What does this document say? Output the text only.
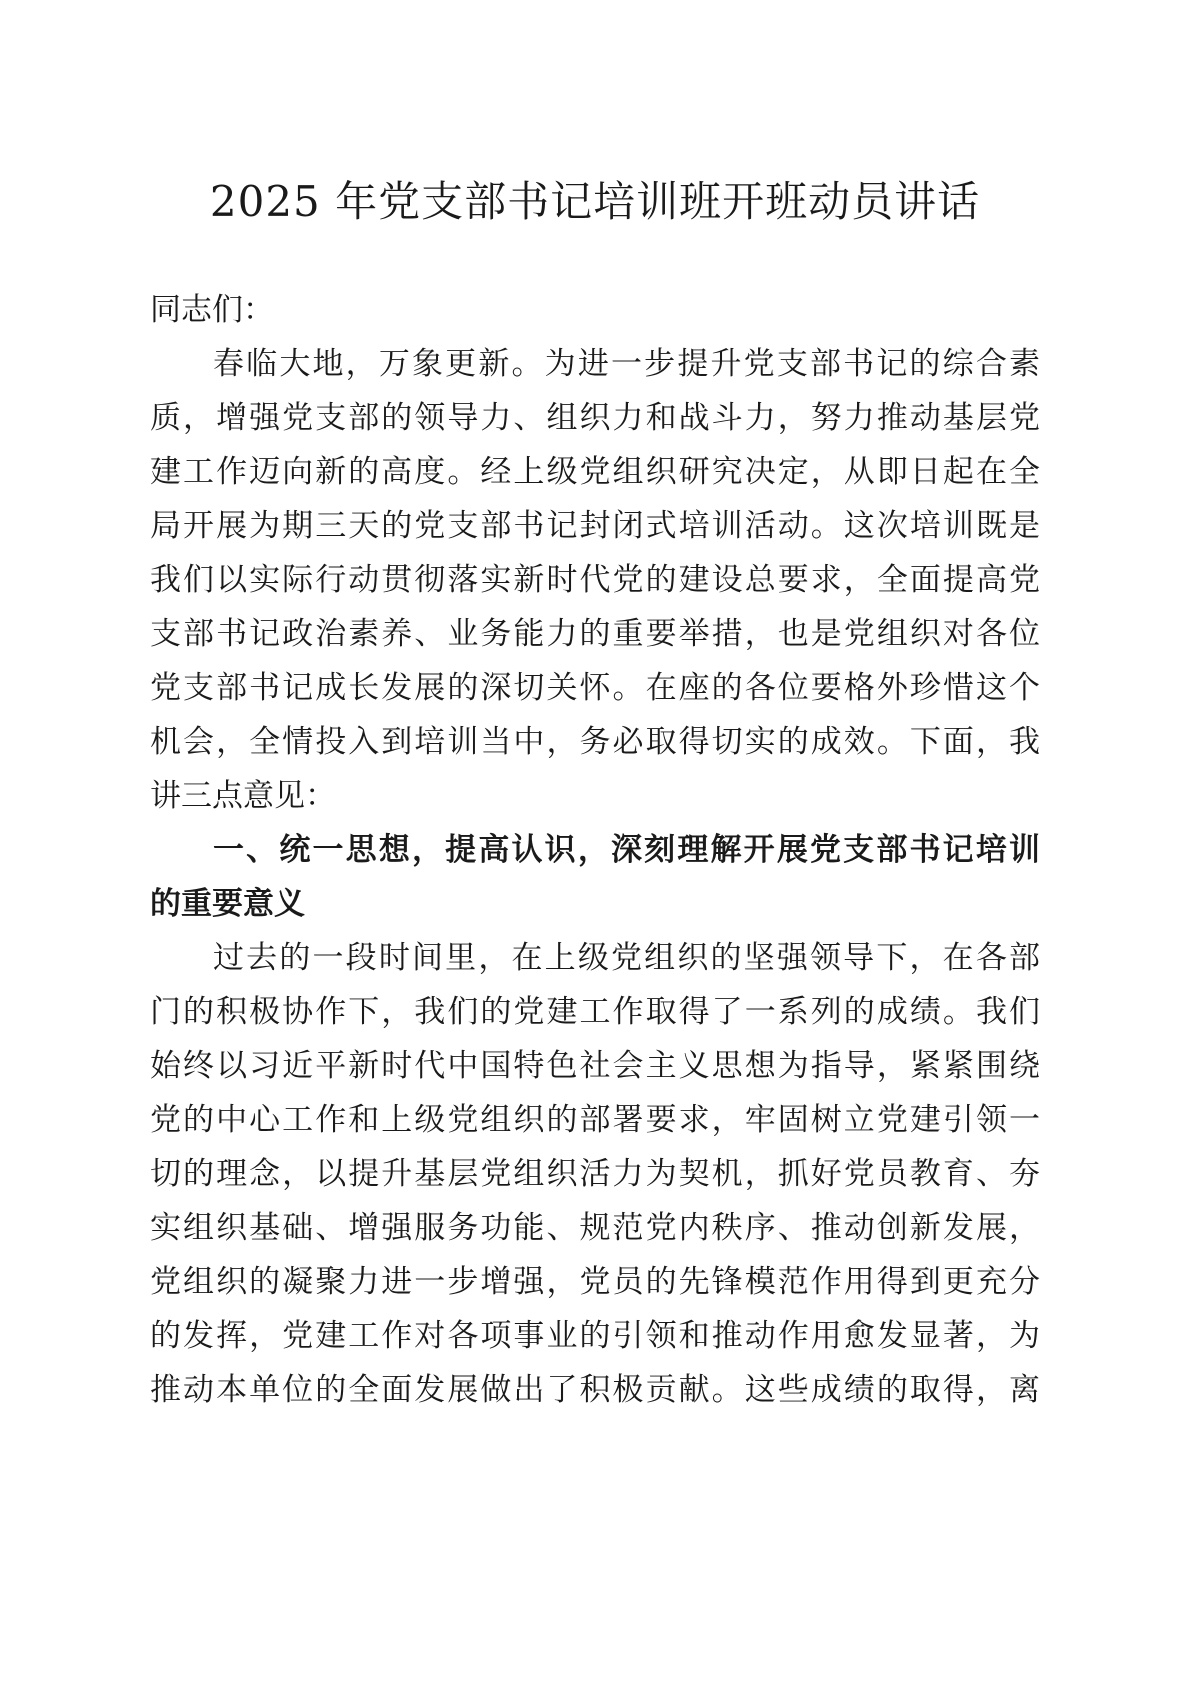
2025 年党支部书记培训班开班动员讲话
同志们：
春临大地，万象更新。为进一步提升党支部书记的综合素
质，增强党支部的领导力、组织力和战斗力，努力推动基层党
建工作迈向新的高度。经上级党组织研究决定，从即日起在全
局开展为期三天的党支部书记封闭式培训活动。这次培训既是
我们以实际行动贯彻落实新时代党的建设总要求，全面提高党
支部书记政治素养、业务能力的重要举措，也是党组织对各位
党支部书记成长发展的深切关怀。在座的各位要格外珍惜这个
机会，全情投入到培训当中，务必取得切实的成效。下面，我
讲三点意见：
一、统一思想，提高认识，深刻理解开展党支部书记培训
的重要意义
过去的一段时间里，在上级党组织的坚强领导下，在各部
门的积极协作下，我们的党建工作取得了一系列的成绩。我们
始终以习近平新时代中国特色社会主义思想为指导，紧紧围绕
党的中心工作和上级党组织的部署要求，牢固树立党建引领一
切的理念，以提升基层党组织活力为契机，抓好党员教育、夯
实组织基础、增强服务功能、规范党内秩序、推动创新发展，
党组织的凝聚力进一步增强，党员的先锋模范作用得到更充分
的发挥，党建工作对各项事业的引领和推动作用愈发显著，为
推动本单位的全面发展做出了积极贡献。这些成绩的取得，离
